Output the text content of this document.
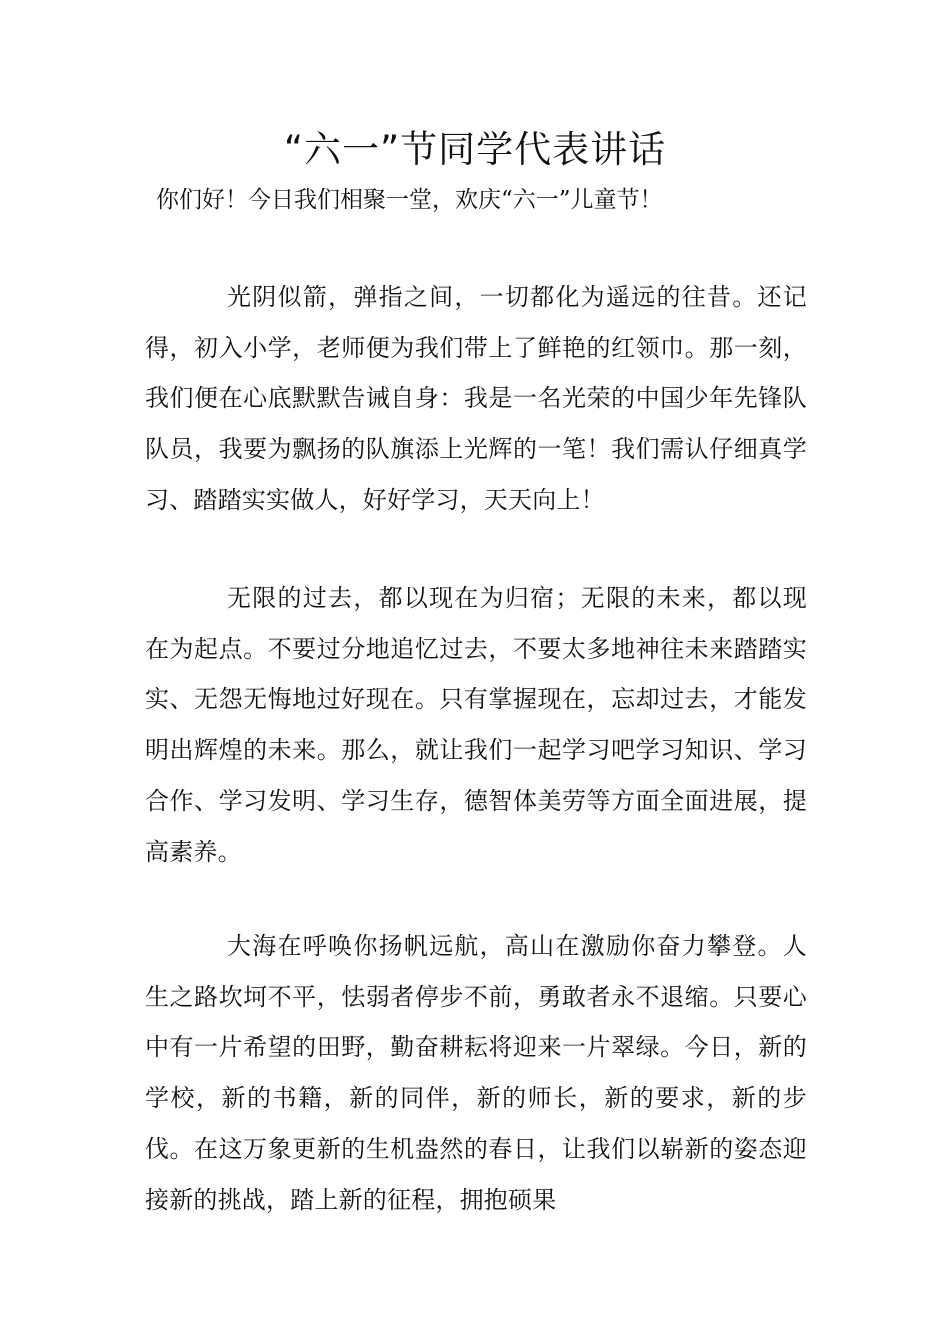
“六一”节同学代表讲话

你们好！今日我们相聚一堂，欢庆“六一”儿童节！

光阴似箭，弹指之间，一切都化为遥远的往昔。还记得，初入小学，老师便为我们带上了鲜艳的红领巾。那一刻，我们便在心底默默告诫自身：我是一名光荣的中国少年先锋队队员，我要为飘扬的队旗添上光辉的一笔！我们需认仔细真学习、踏踏实实做人，好好学习，天天向上！

无限的过去，都以现在为归宿；无限的未来，都以现在为起点。不要过分地追忆过去，不要太多地神往未来踏踏实实、无怨无悔地过好现在。只有掌握现在，忘却过去，才能发明出辉煌的未来。那么，就让我们一起学习吧学习知识、学习合作、学习发明、学习生存，德智体美劳等方面全面进展，提高素养。

大海在呼唤你扬帆远航，高山在激励你奋力攀登。人生之路坎坷不平，怯弱者停步不前，勇敢者永不退缩。只要心中有一片希望的田野，勤奋耕耘将迎来一片翠绿。今日，新的学校，新的书籍，新的同伴，新的师长，新的要求，新的步伐。在这万象更新的生机盎然的春日，让我们以崭新的姿态迎接新的挑战，踏上新的征程，拥抱硕果
